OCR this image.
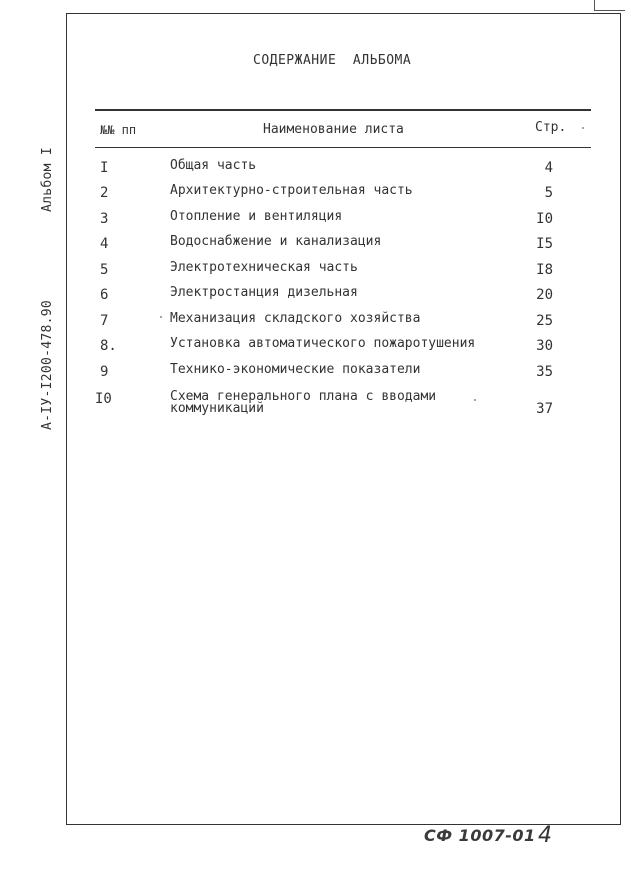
Альбом I
А-IУ-I200-478.90
СОДЕРЖАНИЕ  АЛЬБОМА
№№ пп	Наименование листа	Стр.
I	Общая часть	4
2	Архитектурно-строительная часть	5
3	Отопление и вентиляция	I0
4	Водоснабжение и канализация	I5
5	Электротехническая часть	I8
6	Электростанция дизельная	20
7	Механизация складского хозяйства	25
8.	Установка автоматического пожаротушения	30
9	Технико-экономические показатели	35
I0	Схема генерального плана с вводами
коммуникаций	37
СФ 1007-01 4
